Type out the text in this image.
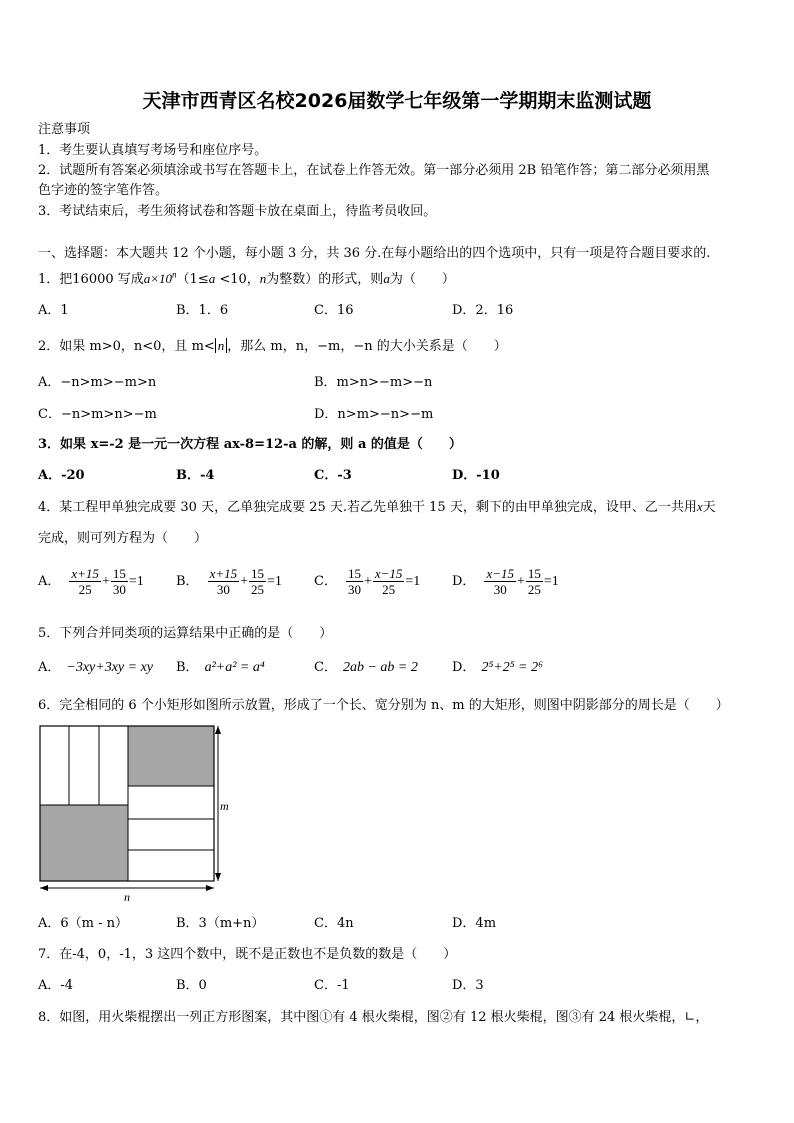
天津市西青区名校2026届数学七年级第一学期期末监测试题
注意事项
1．考生要认真填写考场号和座位序号。
2．试题所有答案必须填涂或书写在答题卡上，在试卷上作答无效。第一部分必须用 2B 铅笔作答；第二部分必须用黑
色字迹的签字笔作答。
3．考试结束后，考生须将试卷和答题卡放在桌面上，待监考员收回。
一、选择题：本大题共 12 个小题，每小题 3 分，共 36 分.在每小题给出的四个选项中，只有一项是符合题目要求的.
1．把16000 写成$a\times 10^n(1\le a <10$，n为整数）的形式，则a为（　　）
A．1	B．1．6	C．16	D．2．16
2．如果 m>0，n<0，且 m< n ，那么 m，n，−m，−n 的大小关系是（　　）
A．−n>m>−m>n	B．m>n>−m>−n
C．−n>m>n>−m	D．n>m>−n>−m
3．如果 x=-2 是一元一次方程 ax-8=12-a 的解，则 a 的值是（　　）
A．-20	B．-4	C．-3	D．-10
4．某工程甲单独完成要 30 天，乙单独完成要 25 天.若乙先单独干 15 天，剩下的由甲单独完成，设甲、乙一共用x天
完成，则可列方程为（　　）
A． $\frac{x+15}{25} + \frac{15}{30} =1$ B． $\frac{x+15}{30} + \frac{15}{25} =1$ C． $\frac{15}{30} + \frac{x-15}{25} =1$ D． $\frac{x-15}{30} + \frac{15}{25} =1$
5．下列合并同类项的运算结果中正确的是（　　）
A． −3xy+3xy = xy B． a²+a² = a⁴	C． 2ab − ab = 2	D． 2⁵+2⁵ = 2⁶
6．完全相同的 6 个小矩形如图所示放置，形成了一个长、宽分别为 n、m 的大矩形，则图中阴影部分的周长是（　　）
m
n
A．6（m - n）	B．3（m+n）	C．4n	D．4m
7．在-4，0，-1，3 这四个数中，既不是正数也不是负数的数是（　　）
A．-4	B．0	C．-1	D．3
8．如图，用火柴棍摆出一列正方形图案，其中图①有 4 根火柴棍，图②有 12 根火柴棍，图③有 24 根火柴棍，∟，
